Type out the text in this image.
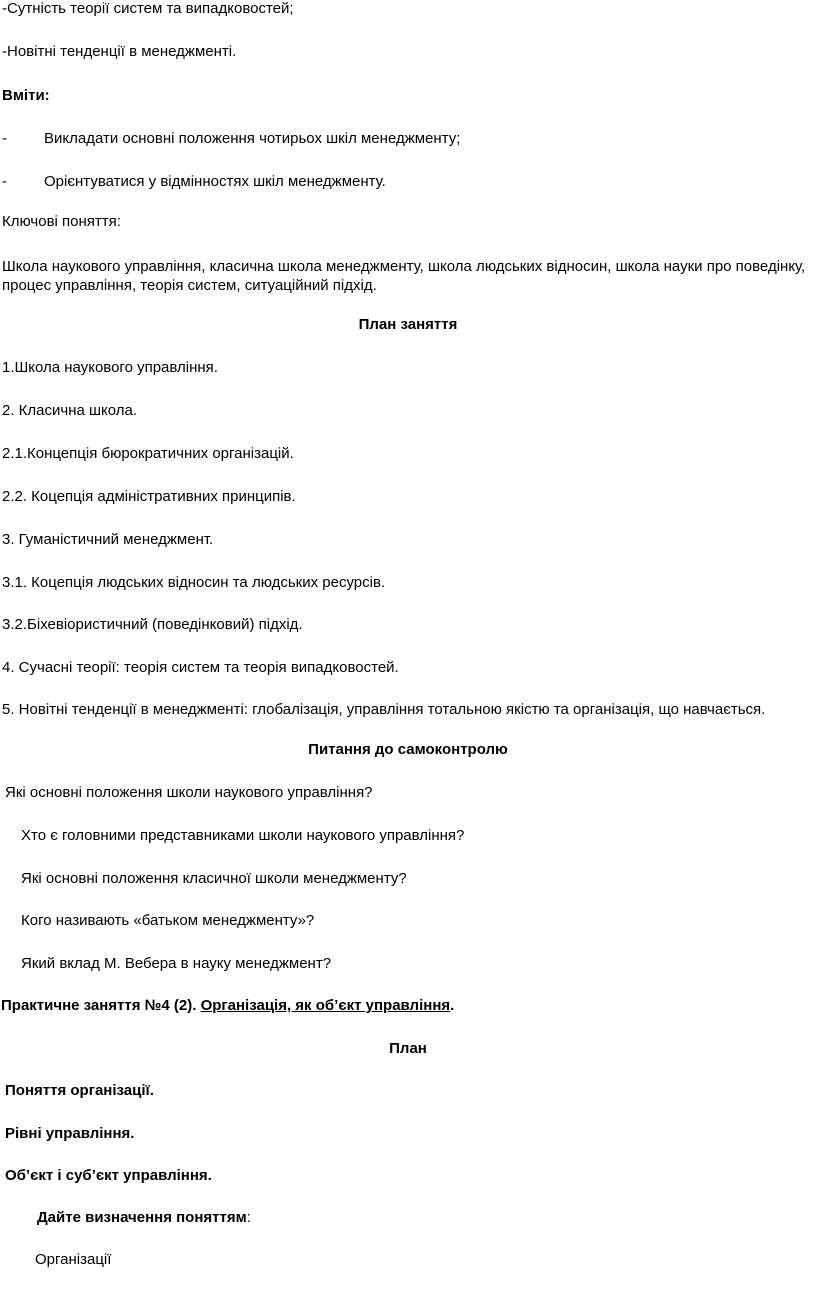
-Сутність теорії систем та випадковостей;
-Новітні тенденції в менеджменті.
Вміти:
- Викладати основні положення чотирьох шкіл менеджменту;
- Орієнтуватися у відмінностях шкіл менеджменту.
Ключові поняття:
Школа наукового управління, класична школа менеджменту, школа людських відносин, школа науки про поведінку, процес управління, теорія систем, ситуаційний підхід.
План заняття
1.Школа наукового управління.
2. Класична школа.
2.1.Концепція бюрократичних організацій.
2.2. Коцепція адміністративних принципів.
3. Гуманістичний менеджмент.
3.1. Коцепція людських відносин та людських ресурсів.
3.2.Біхевіористичний (поведінковий) підхід.
4. Сучасні теорії: теорія систем та теорія випадковостей.
5. Новітні тенденції в менеджменті: глобалізація, управління тотальною якістю та організація, що навчається.
Питання до самоконтролю
Які основні положення школи наукового управління?
Хто є головними представниками школи наукового управління?
Які основні положення класичної школи менеджменту?
Кого називають «батьком менеджменту»?
Який вклад М. Вебера в науку менеджмент?
Практичне заняття №4 (2). Організація, як об’єкт управління.
План
Поняття організації.
Рівні управління.
Об’єкт і суб’єкт управління.
Дайте визначення поняттям:
Організації
